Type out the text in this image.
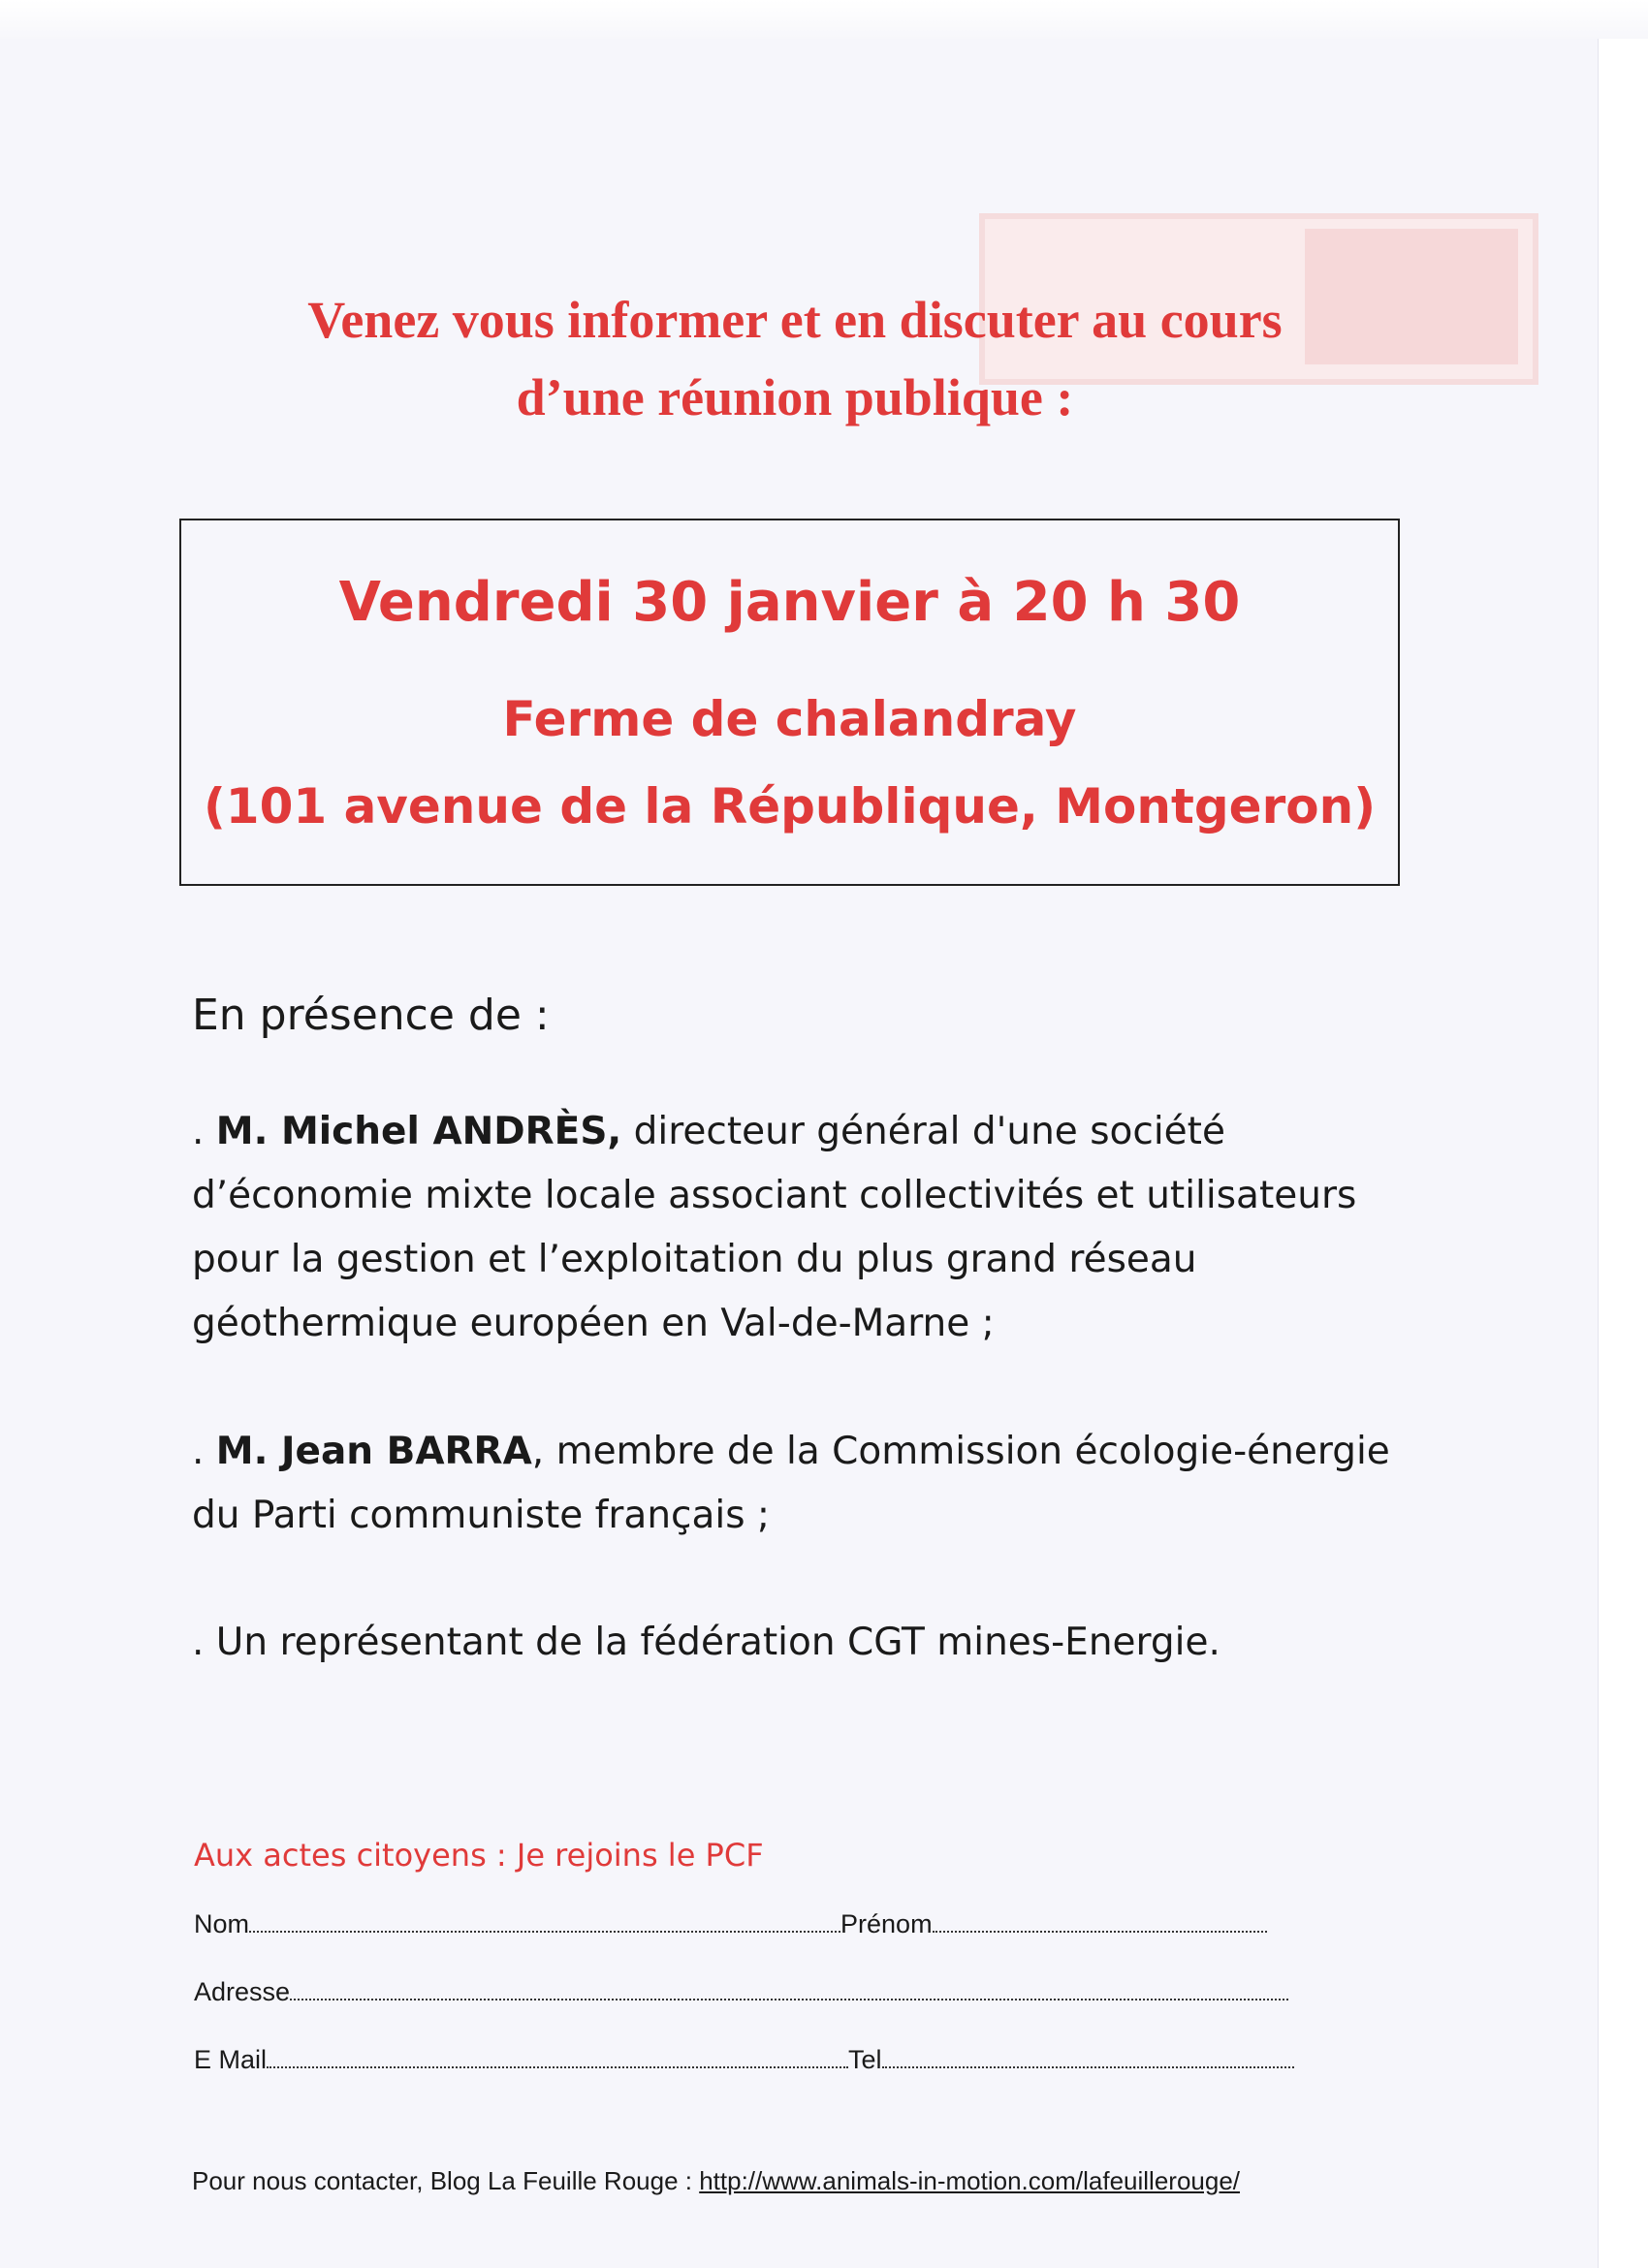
Venez vous informer et en discuter au cours
d’une réunion publique :
Vendredi 30 janvier à 20 h 30
Ferme de chalandray
(101 avenue de la République, Montgeron)
En présence de :
. M. Michel ANDRÈS, directeur général d'une société d’économie mixte locale associant collectivités et utilisateurs pour la gestion et l’exploitation du plus grand réseau géothermique européen en Val-de-Marne ;
. M. Jean BARRA, membre de la Commission écologie-énergie du Parti communiste français ;
. Un représentant de la fédération CGT mines-Energie.
Aux actes citoyens : Je rejoins le PCF
Nom	Prénom
Adresse
E Mail	Tel
Pour nous contacter, Blog La Feuille Rouge : http://www.animals-in-motion.com/lafeuillerouge/
